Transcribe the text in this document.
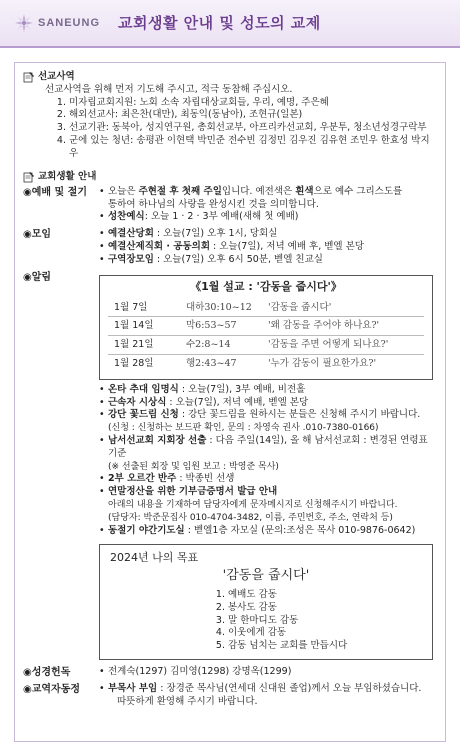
SANEUNG 교회생활 안내 및 성도의 교제
선교사역
선교사역을 위해 먼저 기도해 주시고, 적극 동참해 주십시오.
1. 미자립교회지원: 노회 소속 자립대상교회들, 우리, 예명, 주은혜
2. 해외선교사: 최은찬(대만), 최동익(동남아), 조현규(일본)
3. 선교기관: 동북아, 성지연구원, 총회선교부, 아프리카선교회, 우분투, 청소년성경구락부
4. 군에 있는 청년: 송평관 이현택 박민준 전수빈 김정민 김우진 김유현 조민우 한효성 박지우
교회생활 안내
◉예배 및 절기	• 오늘은 주현절 후 첫째 주일입니다. 예전색은 흰색으로 예수 그리스도를
통하여 하나님의 사랑을 완성시킨 것을 의미합니다.
• 성찬예식: 오늘 1 · 2 · 3부 예배(새해 첫 예배)
◉모임	• 예결산당회 : 오늘(7일) 오후 1시, 당회실
• 예결산제직회 · 공동의회 : 오늘(7일), 저녁 예배 후, 벧엘 본당
• 구역장모임 : 오늘(7일) 오후 6시 50분, 벧엘 친교실
◉알림
《1월 설교 : '감동을 줍시다'》
1월 7일	대하30:10~12	'감동을 줍시다'
1월 14일	막6:53~57	'왜 감동을 주어야 하나요?'
1월 21일	수2:8~14	'감동을 주면 어떻게 되나요?'
1월 28일	행2:43~47	'누가 감동이 필요한가요?'
• 온타 추대 임명식 : 오늘(7일), 3부 예배, 비전홀
• 근속자 시상식 : 오늘(7일), 저녁 예배, 벧엘 본당
• 강단 꽃드림 신청 : 강단 꽃드림을 원하시는 분들은 신청해 주시기 바랍니다.
(신청 : 신청하는 보드판 확인, 문의 : 차영숙 권사 .010-7380-0166)
• 남서선교회 지회장 선출 : 다음 주일(14일), 올 해 남서선교회 : 변경된 연령표 기준
(※ 선출된 회장 및 임원 보고 : 박영준 목사)
• 2부 오르간 반주 : 박종빈 선생
• 연말정산을 위한 기부금증명서 발급 안내
아래의 내용을 기재하여 담당자에게 문자메시지로 신청해주시기 바랍니다.
(담당자: 박준문집사 010-4704-3482, 이름, 주민번호, 주소, 연락처 등)
• 동절기 야간기도실 : 벧엘1층 자모실 (문의:조성은 목사 010-9876-0642)
2024년 나의 목표
'감동을 줍시다'
1. 예배도 감동
2. 봉사도 감동
3. 말 한마디도 감동
4. 이웃에게 감동
5. 감동 넘치는 교회를 만듭시다
◉성경헌독	• 전계숙(1297) 김미영(1298) 강명옥(1299)
◉교역자동정	• 부목사 부임 : 장경준 목사님(연세대 신대원 졸업)께서 오늘 부임하셨습니다.
따뜻하게 환영해 주시기 바랍니다.
